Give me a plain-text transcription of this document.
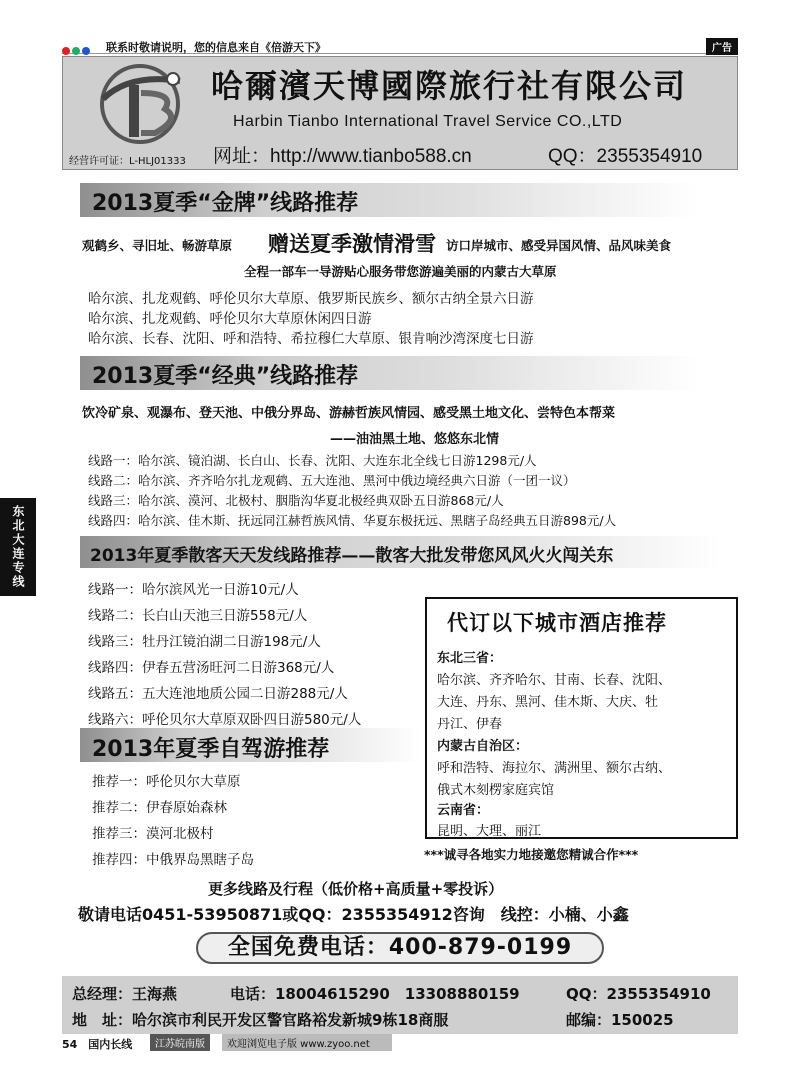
联系时敬请说明，您的信息来自《倍游天下》	广告
经营许可证：L-HLJ01333
哈爾濱天博國際旅行社有限公司
Harbin Tianbo International Travel Service CO.,LTD
网址：http://www.tianbo588.cn	QQ：2355354910
2013夏季“金牌”线路推荐
观鹤乡、寻旧址、畅游草原 赠送夏季激情滑雪 访口岸城市、感受异国风情、品风味美食
全程一部车一导游贴心服务带您游遍美丽的内蒙古大草原
哈尔滨、扎龙观鹤、呼伦贝尔大草原、俄罗斯民族乡、额尔古纳全景六日游
哈尔滨、扎龙观鹤、呼伦贝尔大草原休闲四日游
哈尔滨、长春、沈阳、呼和浩特、希拉穆仁大草原、银肯响沙湾深度七日游
2013夏季“经典”线路推荐
饮冷矿泉、观瀑布、登天池、中俄分界岛、游赫哲族风情园、感受黑土地文化、尝特色本帮菜
——油油黑土地、悠悠东北情
线路一：哈尔滨、镜泊湖、长白山、长春、沈阳、大连东北全线七日游1298元/人
线路二：哈尔滨、齐齐哈尔扎龙观鹤、五大连池、黑河中俄边境经典六日游（一团一议）
线路三：哈尔滨、漠河、北极村、胭脂沟华夏北极经典双卧五日游868元/人
线路四：哈尔滨、佳木斯、抚远同江赫哲族风情、华夏东极抚远、黑瞎子岛经典五日游898元/人
东北大连专线	2013年夏季散客天天发线路推荐——散客大批发带您风风火火闯关东
线路一：哈尔滨风光一日游10元/人
线路二：长白山天池三日游558元/人
线路三：牡丹江镜泊湖二日游198元/人
线路四：伊春五营汤旺河二日游368元/人
线路五：五大连池地质公园二日游288元/人
线路六：呼伦贝尔大草原双卧四日游580元/人
代订以下城市酒店推荐
东北三省：
哈尔滨、齐齐哈尔、甘南、长春、沈阳、
大连、丹东、黑河、佳木斯、大庆、牡
丹江、伊春
内蒙古自治区：
呼和浩特、海拉尔、满洲里、额尔古纳、
俄式木刻楞家庭宾馆
云南省：
昆明、大理、丽江
2013年夏季自驾游推荐
推荐一：呼伦贝尔大草原
推荐二：伊春原始森林
推荐三：漠河北极村
推荐四：中俄界岛黑瞎子岛	***诚寻各地实力地接邀您精诚合作***
更多线路及行程（低价格+高质量+零投诉）
敬请电话0451-53950871或QQ：2355354912咨询　线控：小楠、小鑫
全国免费电话：400-879-0199
总经理：王海燕	电话：18004615290　13308880159	QQ：2355354910
地　址：哈尔滨市利民开发区警官路裕发新城9栋18商服	邮编：150025
54　国内长线	江苏皖南版	欢迎浏览电子版 www.zyoo.net
